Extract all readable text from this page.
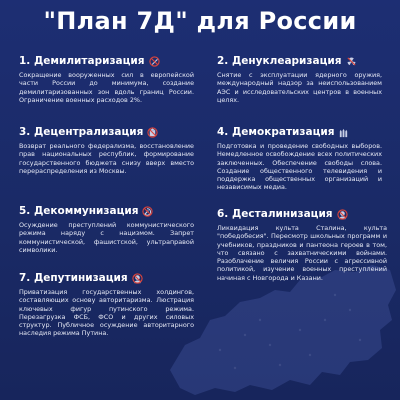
"План 7Д" для России
1. Демилитаризация
Сокращение вооруженных сил в европейской части России до минимума, создание демилитаризованных зон вдоль границ России. Ограничение военных расходов 2%.
2. Денуклеаризация
Снятие с эксплуатации ядерного оружия, международный надзор за неиспользованием АЭС и исследовательских центров в военных целях.
3. Децентрализация
Возврат реального федерализма, восстановление прав национальных республик, формирование государственного бюджета снизу вверх вместо перераспределения из Москвы.
4. Демократизация
Подготовка и проведение свободных выборов. Немедленное освобождение всех политических заключенных. Обеспечение свободы слова. Создание общественного телевидения и поддержка общественных организаций и независимых медиа.
5. Декоммунизация
Осуждение преступлений коммунистического режима наряду с нацизмом. Запрет коммунистической, фашистской, ультраправой символики.
6. Десталинизация
Ликвидация культа Сталина, культа "победобесия". Пересмотр школьных программ и учебников, праздников и пантеона героев в том, что связано с захватническими войнами. Разоблачение величия России с агрессивной политикой, изучение военных преступлений начиная с Новгорода и Казани.
7. Депутинизация
Приватизация государственных холдингов, составляющих основу авторитаризма. Люстрация ключевых фигур путинского режима. Перезагрузка ФСБ, ФСО и других силовых структур. Публичное осуждение авторитарного наследия режима Путина.
